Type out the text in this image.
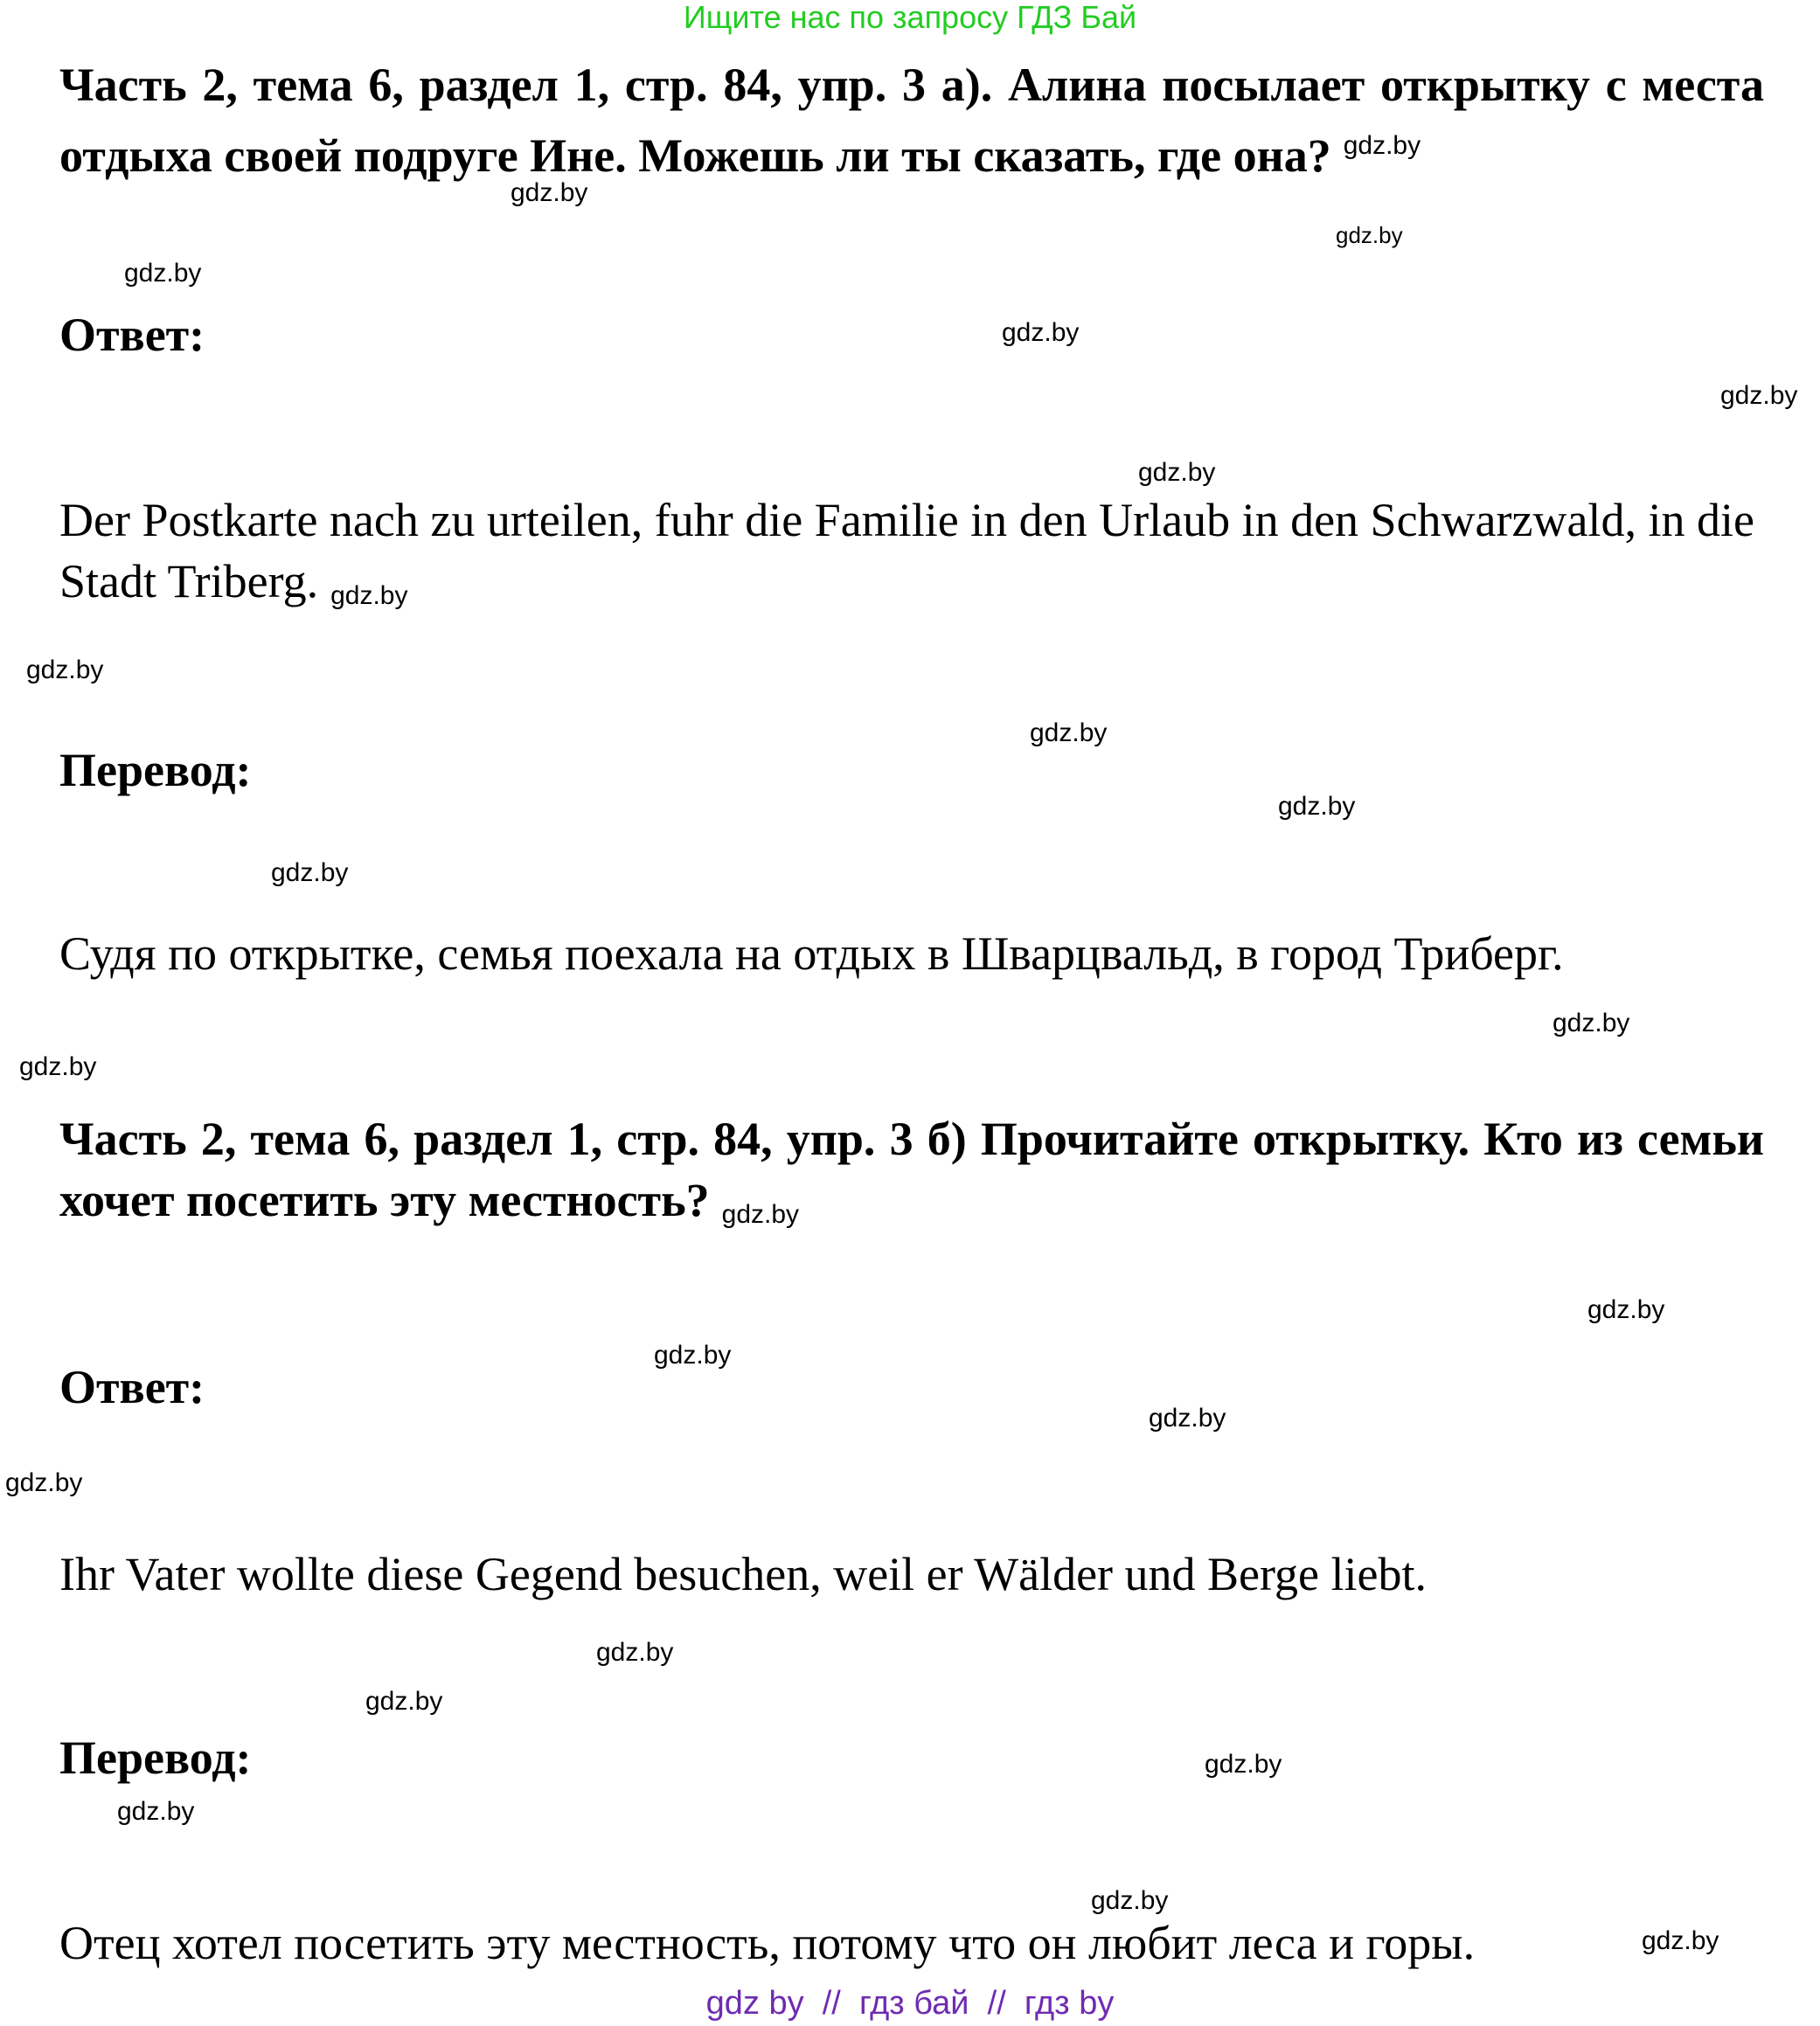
Ищите нас по запросу ГДЗ Бай
Часть 2, тема 6, раздел 1, стр. 84, упр. 3 а). Алина посылает открытку с места отдыха своей подруге Ине. Можешь ли ты сказать, где она? $^{gdz.by}$
gdz.by
gdz.by
gdz.by
Ответ:	gdz.by
gdz.by
gdz.by
Der Postkarte nach zu urteilen, fuhr die Familie in den Urlaub in den Schwarzwald, in die Stadt Triberg. gdz.by
gdz.by
gdz.by
Перевод:
gdz.by
gdz.by
Судя по открытке, семья поехала на отдых в Шварцвальд, в город Триберг.
gdz.by
gdz.by
Часть 2, тема 6, раздел 1, стр. 84, упр. 3 б) Прочитайте открытку. Кто из семьи хочет посетить эту местность? gdz.by
gdz.by
gdz.by
Ответ:
gdz.by
gdz.by
Ihr Vater wollte diese Gegend besuchen, weil er Wälder und Berge liebt.
gdz.by
gdz.by
Перевод:	gdz.by
gdz.by
gdz.by
Отец хотел посетить эту местность, потому что он любит леса и горы.	gdz.by
gdz by  //  гдз бай  //  гдз by
